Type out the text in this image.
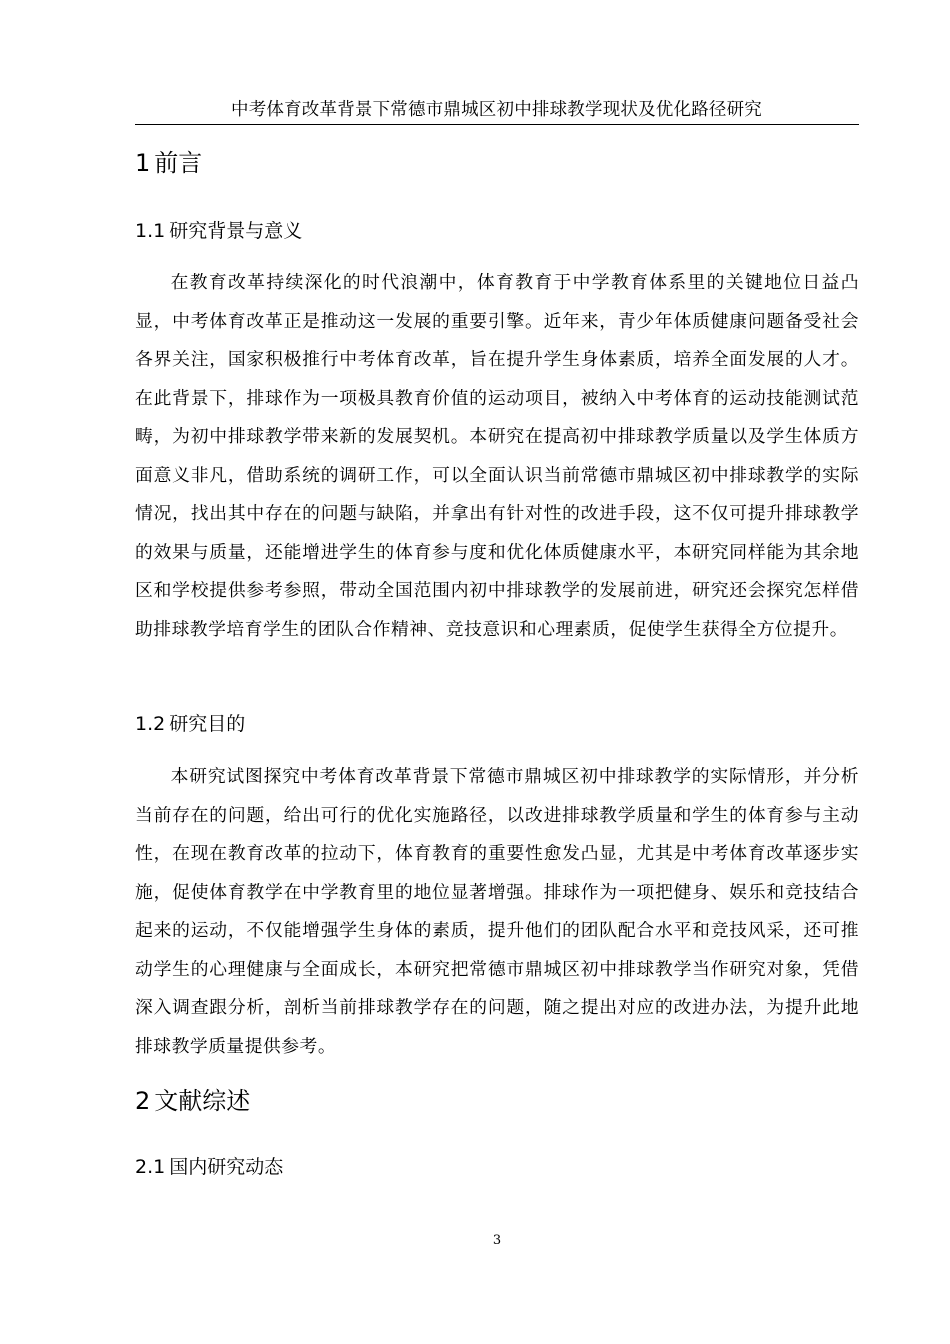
中考体育改革背景下常德市鼎城区初中排球教学现状及优化路径研究
1 前言
1.1 研究背景与意义

在教育改革持续深化的时代浪潮中，体育教育于中学教育体系里的关键地位日益凸显，中考体育改革正是推动这一发展的重要引擎。近年来，青少年体质健康问题备受社会各界关注，国家积极推行中考体育改革，旨在提升学生身体素质，培养全面发展的人才。在此背景下，排球作为一项极具教育价值的运动项目，被纳入中考体育的运动技能测试范畴，为初中排球教学带来新的发展契机。本研究在提高初中排球教学质量以及学生体质方面意义非凡，借助系统的调研工作，可以全面认识当前常德市鼎城区初中排球教学的实际情况，找出其中存在的问题与缺陷，并拿出有针对性的改进手段，这不仅可提升排球教学的效果与质量，还能增进学生的体育参与度和优化体质健康水平，本研究同样能为其余地区和学校提供参考参照，带动全国范围内初中排球教学的发展前进，研究还会探究怎样借助排球教学培育学生的团队合作精神、竞技意识和心理素质，促使学生获得全方位提升。

1.2 研究目的

本研究试图探究中考体育改革背景下常德市鼎城区初中排球教学的实际情形，并分析当前存在的问题，给出可行的优化实施路径，以改进排球教学质量和学生的体育参与主动性，在现在教育改革的拉动下，体育教育的重要性愈发凸显，尤其是中考体育改革逐步实施，促使体育教学在中学教育里的地位显著增强。排球作为一项把健身、娱乐和竞技结合起来的运动，不仅能增强学生身体的素质，提升他们的团队配合水平和竞技风采，还可推动学生的心理健康与全面成长，本研究把常德市鼎城区初中排球教学当作研究对象，凭借深入调查跟分析，剖析当前排球教学存在的问题，随之提出对应的改进办法，为提升此地排球教学质量提供参考。

2 文献综述
2.1 国内研究动态
3
